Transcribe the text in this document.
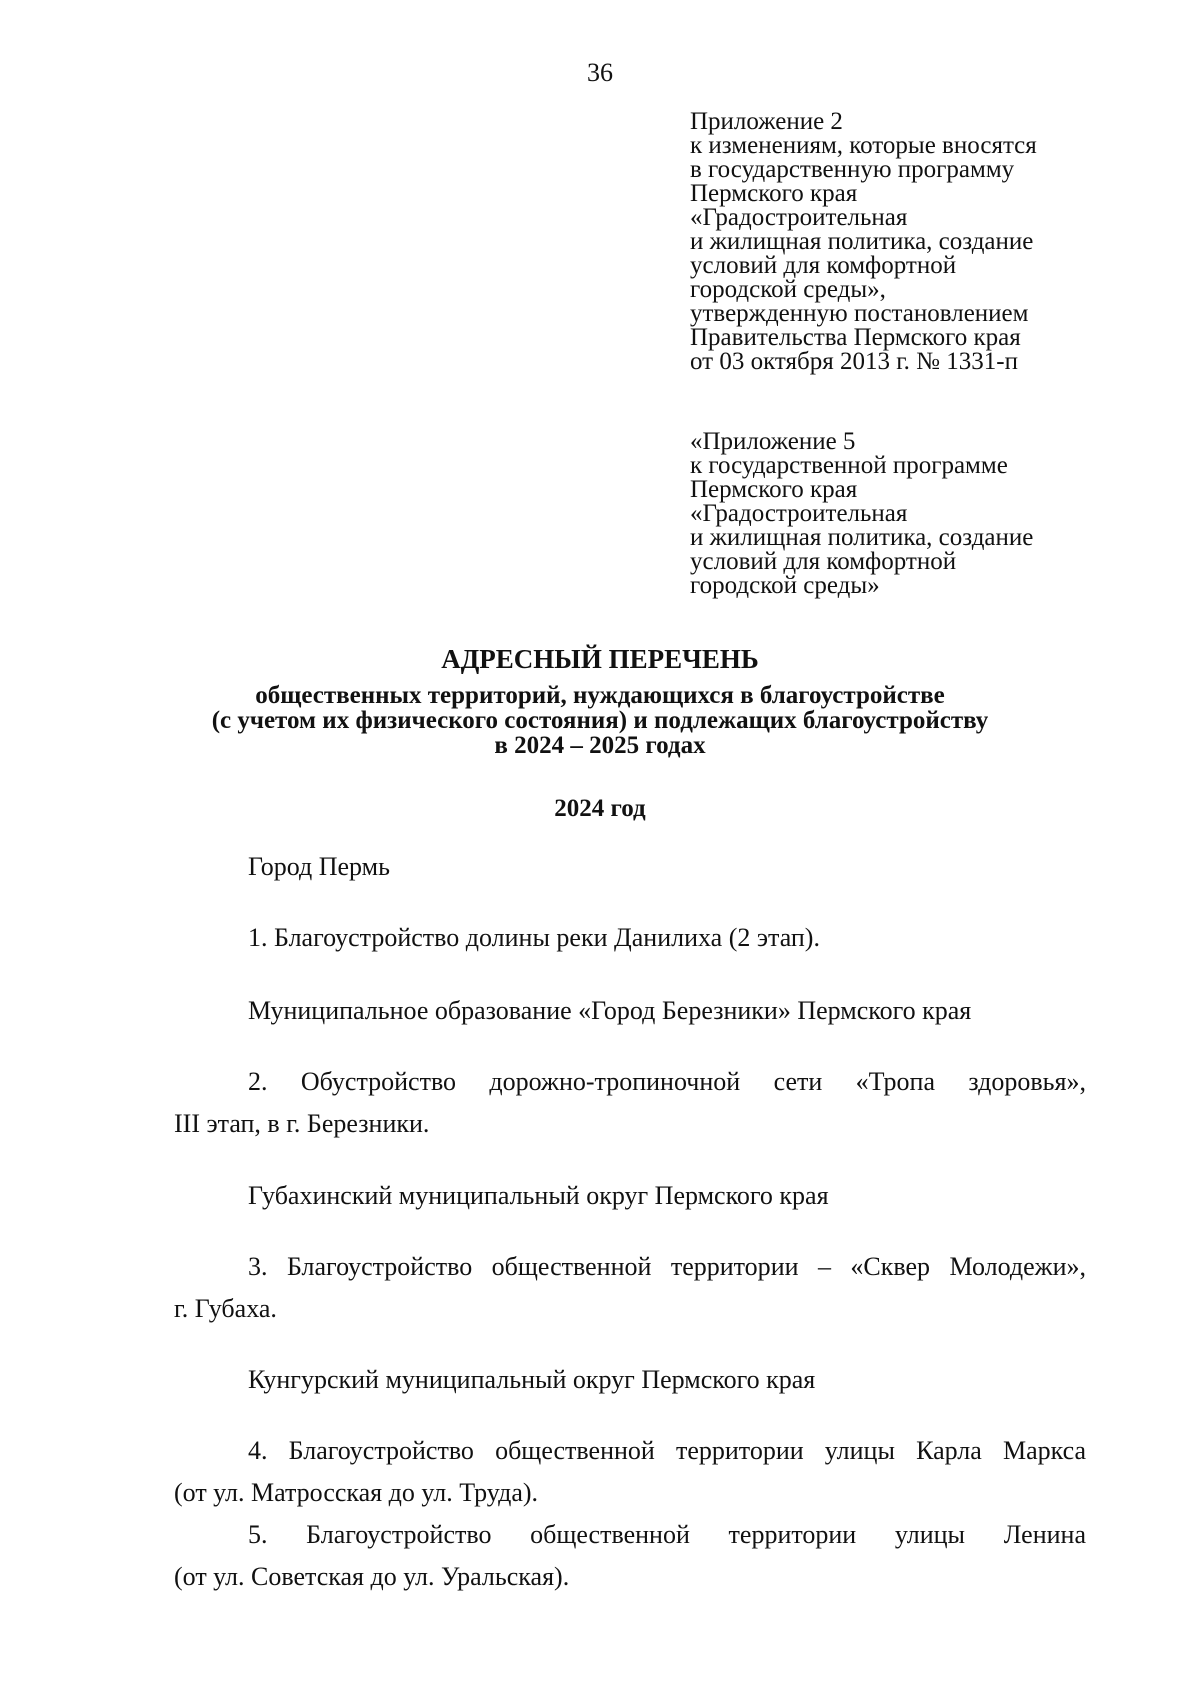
36
Приложение 2
к изменениям, которые вносятся
в государственную программу
Пермского края
«Градостроительная
и жилищная политика, создание
условий для комфортной
городской среды»,
утвержденную постановлением
Правительства Пермского края
от 03 октября 2013 г. № 1331-п
«Приложение 5
к государственной программе
Пермского края
«Градостроительная
и жилищная политика, создание
условий для комфортной
городской среды»
АДРЕСНЫЙ ПЕРЕЧЕНЬ
общественных территорий, нуждающихся в благоустройстве
(с учетом их физического состояния) и подлежащих благоустройству
в 2024 – 2025 годах
2024 год
Город Пермь
1. Благоустройство долины реки Данилиха (2 этап).
Муниципальное образование «Город Березники» Пермского края
2. Обустройство дорожно-тропиночной сети «Тропа здоровья»,
III этап, в г. Березники.
Губахинский муниципальный округ Пермского края
3. Благоустройство общественной территории – «Сквер Молодежи»,
г. Губаха.
Кунгурский муниципальный округ Пермского края
4. Благоустройство общественной территории улицы Карла Маркса
(от ул. Матросская до ул. Труда).
5. Благоустройство общественной территории улицы Ленина
(от ул. Советская до ул. Уральская).
